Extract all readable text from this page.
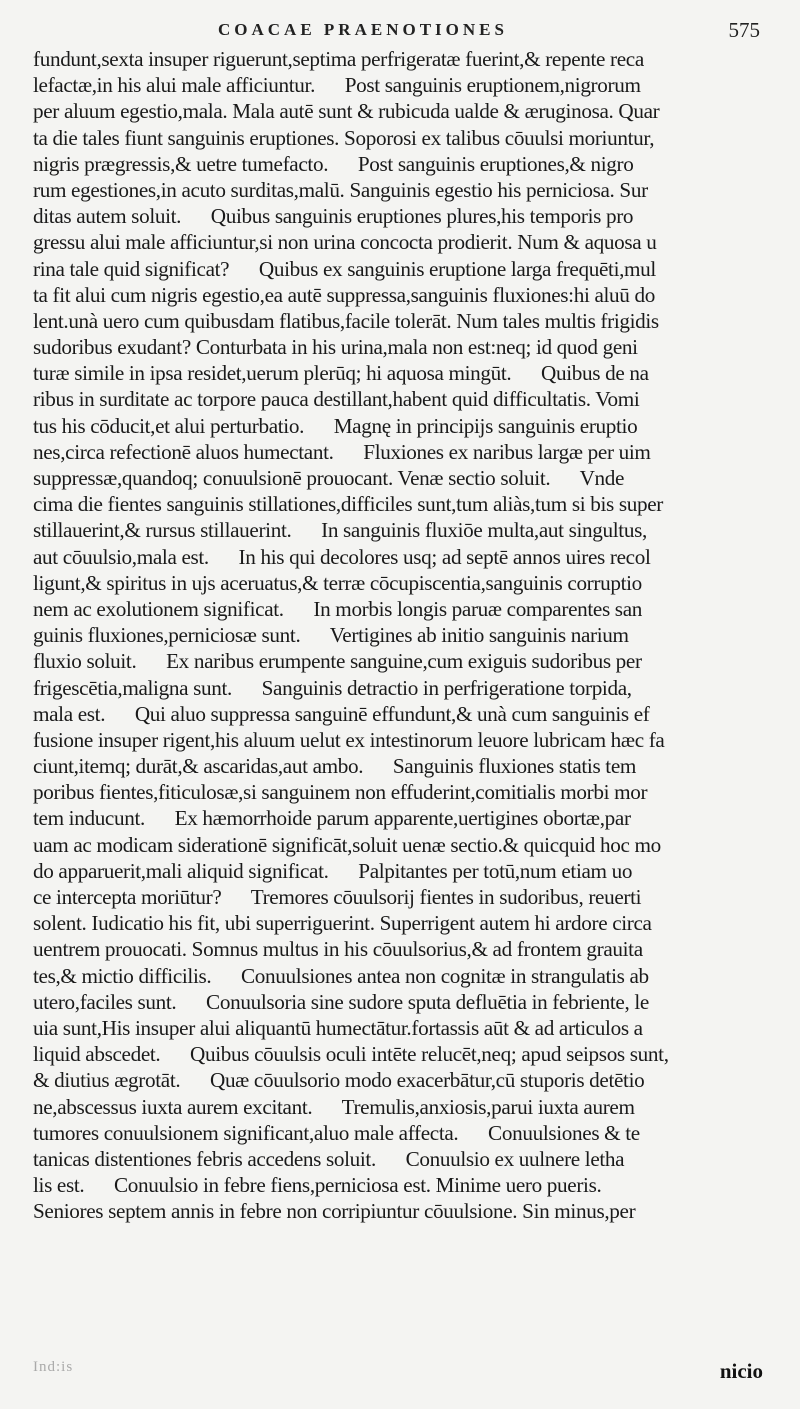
COACAE PRAENOTIONES	575
fundunt,sexta insuper riguerunt,septima perfrigeratæ fuerint,& repente reca
lefactæ,in his alui male afficiuntur.      Post sanguinis eruptionem,nigrorum
per aluum egestio,mala. Mala autē sunt & rubicuda ualde & æruginosa. Quar
ta die tales fiunt sanguinis eruptiones. Soporosi ex talibus cōuulsi moriuntur,
nigris prægressis,& uetre tumefacto.      Post sanguinis eruptiones,& nigro
rum egestiones,in acuto surditas,malū. Sanguinis egestio his perniciosa. Sur
ditas autem soluit.      Quibus sanguinis eruptiones plures,his temporis pro
gressu alui male afficiuntur,si non urina concocta prodierit. Num & aquosa u
rina tale quid significat?      Quibus ex sanguinis eruptione larga frequēti,mul
ta fit alui cum nigris egestio,ea autē suppressa,sanguinis fluxiones:hi aluū do
lent.unà uero cum quibusdam flatibus,facile tolerāt. Num tales multis frigidis
sudoribus exudant? Conturbata in his urina,mala non est:neq; id quod geni
turæ simile in ipsa residet,uerum plerūq; hi aquosa mingūt.      Quibus de na
ribus in surditate ac torpore pauca destillant,habent quid difficultatis. Vomi
tus his cōducit,et alui perturbatio.      Magnę in principijs sanguinis eruptio
nes,circa refectionē aluos humectant.      Fluxiones ex naribus largæ per uim
suppressæ,quandoq; conuulsionē prouocant. Venæ sectio soluit.      Vnde
cima die fientes sanguinis stillationes,difficiles sunt,tum aliàs,tum si bis super
stillauerint,& rursus stillauerint.      In sanguinis fluxiōe multa,aut singultus,
aut cōuulsio,mala est.      In his qui decolores usq; ad septē annos uires recol
ligunt,& spiritus in ujs aceruatus,& terræ cōcupiscentia,sanguinis corruptio
nem ac exolutionem significat.      In morbis longis paruæ comparentes san
guinis fluxiones,perniciosæ sunt.      Vertigines ab initio sanguinis narium
fluxio soluit.      Ex naribus erumpente sanguine,cum exiguis sudoribus per
frigescētia,maligna sunt.      Sanguinis detractio in perfrigeratione torpida,
mala est.      Qui aluo suppressa sanguinē effundunt,& unà cum sanguinis ef
fusione insuper rigent,his aluum uelut ex intestinorum leuore lubricam hæc fa
ciunt,itemq; durāt,& ascaridas,aut ambo.      Sanguinis fluxiones statis tem
poribus fientes,fiticulosæ,si sanguinem non effuderint,comitialis morbi mor
tem inducunt.      Ex hæmorrhoide parum apparente,uertigines obortæ,par
uam ac modicam siderationē significāt,soluit uenæ sectio.& quicquid hoc mo
do apparuerit,mali aliquid significat.      Palpitantes per totū,num etiam uo
ce intercepta moriūtur?      Tremores cōuulsorij fientes in sudoribus, reuerti
solent. Iudicatio his fit, ubi superriguerint. Superrigent autem hi ardore circa
uentrem prouocati. Somnus multus in his cōuulsorius,& ad frontem grauita
tes,& mictio difficilis.      Conuulsiones antea non cognitæ in strangulatis ab
utero,faciles sunt.      Conuulsoria sine sudore sputa defluētia in febriente, le
uia sunt,His insuper alui aliquantū humectātur.fortassis aūt & ad articulos a
liquid abscedet.      Quibus cōuulsis oculi intēte relucēt,neq; apud seipsos sunt,
& diutius ægrotāt.      Quæ cōuulsorio modo exacerbātur,cū stuporis detētio
ne,abscessus iuxta aurem excitant.      Tremulis,anxiosis,parui iuxta aurem
tumores conuulsionem significant,aluo male affecta.      Conuulsiones & te
tanicas distentiones febris accedens soluit.      Conuulsio ex uulnere letha
lis est.      Conuulsio in febre fiens,perniciosa est. Minime uero pueris.
Seniores septem annis in febre non corripiuntur cōuulsione. Sin minus,per
Ind:is	nicio
